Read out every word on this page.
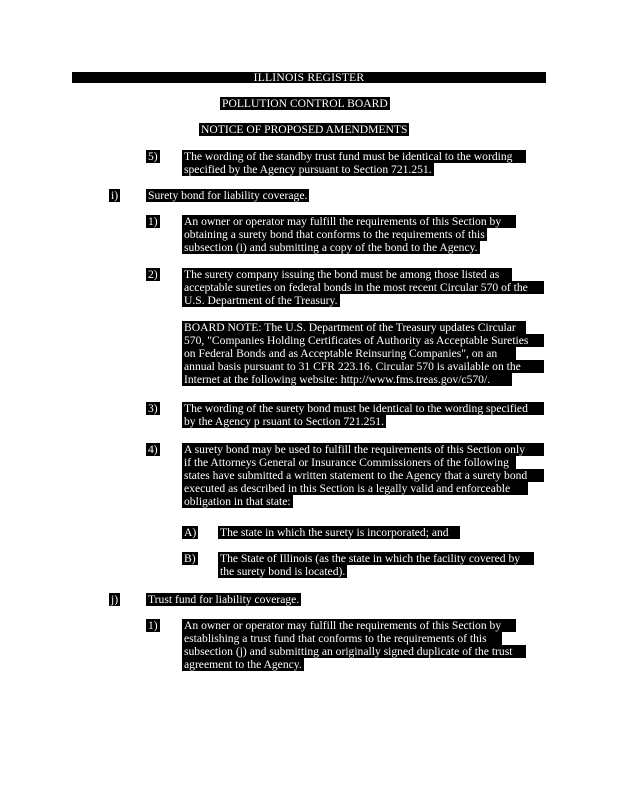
ILLINOIS REGISTER
POLLUTION CONTROL BOARD
NOTICE OF PROPOSED AMENDMENTS
5) The wording of the standby trust fund must be identical to the wording
specified by the Agency pursuant to Section 721.251.
i)	Surety bond for liability coverage.
1) An owner or operator may fulfill the requirements of this Section by
obtaining a surety bond that conforms to the requirements of this
subsection (i) and submitting a copy of the bond to the Agency.
2) The surety company issuing the bond must be among those listed as
acceptable sureties on federal bonds in the most recent Circular 570 of the
U.S. Department of the Treasury.
BOARD NOTE: The U.S. Department of the Treasury updates Circular
570, "Companies Holding Certificates of Authority as Acceptable Sureties
on Federal Bonds and as Acceptable Reinsuring Companies", on an
annual basis pursuant to 31 CFR 223.16. Circular 570 is available on the
Internet at the following website: http://www.fms.treas.gov/c570/.
3) The wording of the surety bond must be identical to the wording specified
by the Agency p rsuant to Section 721.251.
4) A surety bond may be used to fulfill the requirements of this Section only
if the Attorneys General or Insurance Commissioners of the following
states have submitted a written statement to the Agency that a surety bond
executed as described in this Section is a legally valid and enforceable
obligation in that state:
A) The state in which the surety is incorporated; and
B) The State of Illinois (as the state in which the facility covered by
the surety bond is located).
j)	Trust fund for liability coverage.
1) An owner or operator may fulfill the requirements of this Section by
establishing a trust fund that conforms to the requirements of this
subsection (j) and submitting an originally signed duplicate of the trust
agreement to the Agency.
